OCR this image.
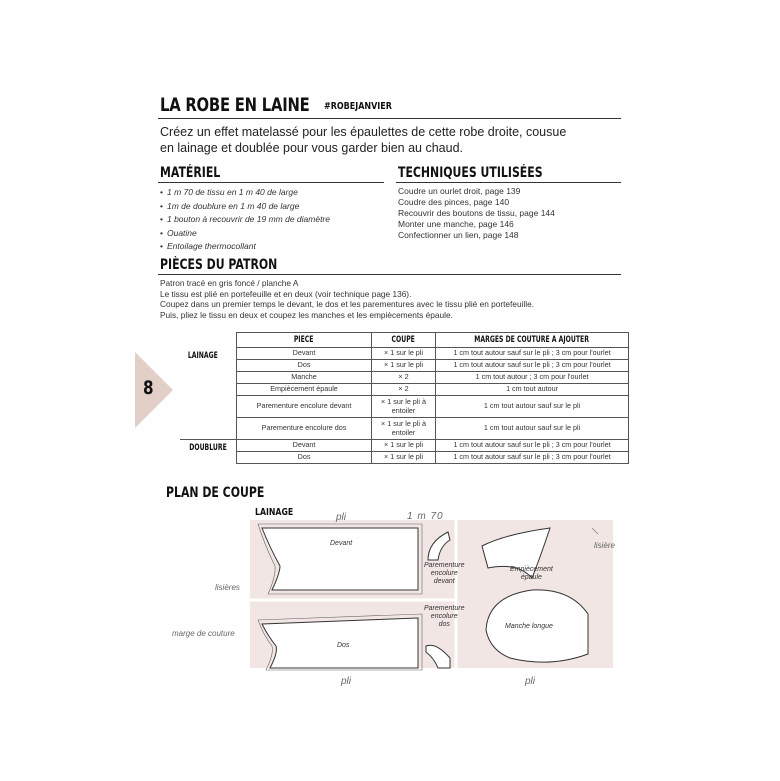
LA ROBE EN LAINE #ROBEJANVIER
Créez un effet matelassé pour les épaulettes de cette robe droite, cousue en lainage et doublée pour vous garder bien au chaud.
MATÉRIEL
• 1 m 70 de tissu en 1 m 40 de large
• 1m de doublure en 1 m 40 de large
• 1 bouton à recouvrir de 19 mm de diamètre
• Ouatine
• Entoilage thermocollant
TECHNIQUES UTILISÉES
Coudre un ourlet droit, page 139
Coudre des pinces, page 140
Recouvrir des boutons de tissu, page 144
Monter une manche, page 146
Confectionner un lien, page 148
PIÈCES DU PATRON
Patron tracé en gris foncé / planche A
Le tissu est plié en portefeuille et en deux (voir technique page 136).
Coupez dans un premier temps le devant, le dos et les parementures avec le tissu plié en portefeuille.
Puis, pliez le tissu en deux et coupez les manches et les empiècements épaule.
8
	PIECE	COUPE	MARGES DE COUTURE A AJOUTER
LAINAGE	Devant	× 1 sur le pli	1 cm tout autour sauf sur le pli ; 3 cm pour l'ourlet
	Dos	× 1 sur le pli	1 cm tout autour sauf sur le pli ; 3 cm pour l'ourlet
	Manche	× 2	1 cm tout autour ; 3 cm pour l'ourlet
	Empiècement épaule	× 2	1 cm tout autour
	Parementure encolure devant	× 1 sur le pli à entoiler	1 cm tout autour sauf sur le pli
	Parementure encolure dos	× 1 sur le pli à entoiler	1 cm tout autour sauf sur le pli
DOUBLURE	Devant	× 1 sur le pli	1 cm tout autour sauf sur le pli ; 3 cm pour l'ourlet
	Dos	× 1 sur le pli	1 cm tout autour sauf sur le pli ; 3 cm pour l'ourlet
PLAN DE COUPE
LAINAGE	pli	1 m 70
lisière
lisières
marge de couture
pli	pli
Devant
Dos
Parementure
encolure
devant
Parementure
encolure
dos
Empiècement
épaule
Manche longue
